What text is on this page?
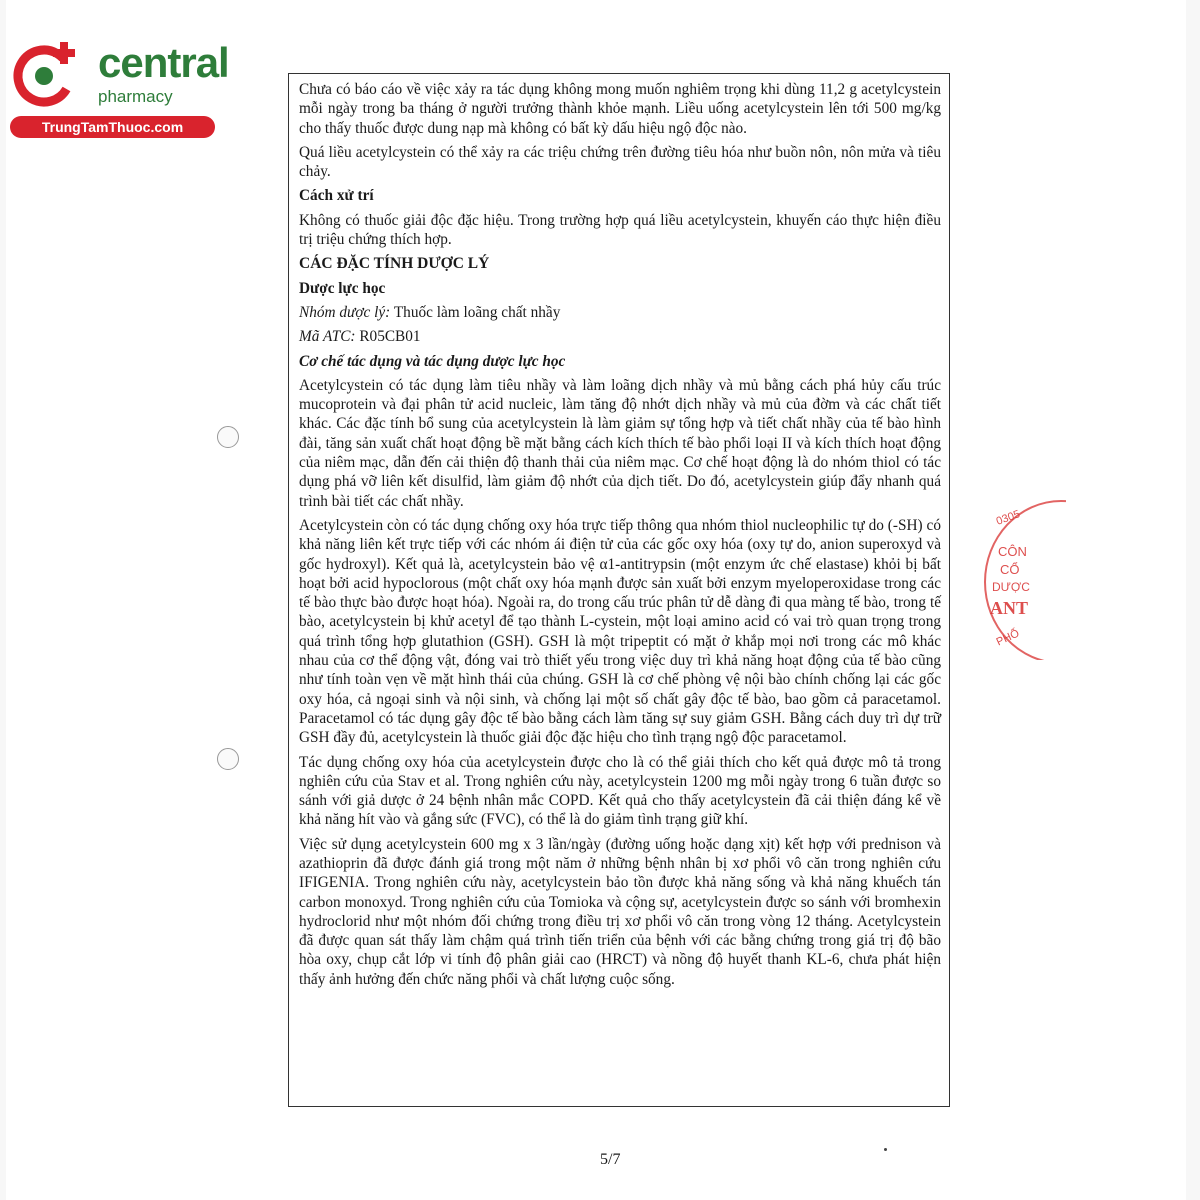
central
pharmacy
TrungTamThuoc.com

Chưa có báo cáo về việc xảy ra tác dụng không mong muốn nghiêm trọng khi dùng 11,2 g acetylcystein mỗi ngày trong ba tháng ở người trưởng thành khỏe mạnh. Liều uống acetylcystein lên tới 500 mg/kg cho thấy thuốc được dung nạp mà không có bất kỳ dấu hiệu ngộ độc nào.

Quá liều acetylcystein có thể xảy ra các triệu chứng trên đường tiêu hóa như buồn nôn, nôn mửa và tiêu chảy.

Cách xử trí

Không có thuốc giải độc đặc hiệu. Trong trường hợp quá liều acetylcystein, khuyến cáo thực hiện điều trị triệu chứng thích hợp.

CÁC ĐẶC TÍNH DƯỢC LÝ

Dược lực học

Nhóm dược lý: Thuốc làm loãng chất nhầy

Mã ATC: R05CB01

Cơ chế tác dụng và tác dụng dược lực học

Acetylcystein có tác dụng làm tiêu nhầy và làm loãng dịch nhầy và mủ bằng cách phá hủy cấu trúc mucoprotein và đại phân tử acid nucleic, làm tăng độ nhớt dịch nhầy và mủ của đờm và các chất tiết khác. Các đặc tính bổ sung của acetylcystein là làm giảm sự tổng hợp và tiết chất nhầy của tế bào hình đài, tăng sản xuất chất hoạt động bề mặt bằng cách kích thích tế bào phổi loại II và kích thích hoạt động của niêm mạc, dẫn đến cải thiện độ thanh thải của niêm mạc. Cơ chế hoạt động là do nhóm thiol có tác dụng phá vỡ liên kết disulfid, làm giảm độ nhớt của dịch tiết. Do đó, acetylcystein giúp đẩy nhanh quá trình bài tiết các chất nhầy.

Acetylcystein còn có tác dụng chống oxy hóa trực tiếp thông qua nhóm thiol nucleophilic tự do (-SH) có khả năng liên kết trực tiếp với các nhóm ái điện tử của các gốc oxy hóa (oxy tự do, anion superoxyd và gốc hydroxyl). Kết quả là, acetylcystein bảo vệ α1-antitrypsin (một enzym ức chế elastase) khỏi bị bất hoạt bởi acid hypoclorous (một chất oxy hóa mạnh được sản xuất bởi enzym myeloperoxidase trong các tế bào thực bào được hoạt hóa). Ngoài ra, do trong cấu trúc phân tử dễ dàng đi qua màng tế bào, trong tế bào, acetylcystein bị khử acetyl để tạo thành L-cystein, một loại amino acid có vai trò quan trọng trong quá trình tổng hợp glutathion (GSH). GSH là một tripeptit có mặt ở khắp mọi nơi trong các mô khác nhau của cơ thể động vật, đóng vai trò thiết yếu trong việc duy trì khả năng hoạt động của tế bào cũng như tính toàn vẹn về mặt hình thái của chúng. GSH là cơ chế phòng vệ nội bào chính chống lại các gốc oxy hóa, cả ngoại sinh và nội sinh, và chống lại một số chất gây độc tế bào, bao gồm cả paracetamol. Paracetamol có tác dụng gây độc tế bào bằng cách làm tăng sự suy giảm GSH. Bằng cách duy trì dự trữ GSH đầy đủ, acetylcystein là thuốc giải độc đặc hiệu cho tình trạng ngộ độc paracetamol.

Tác dụng chống oxy hóa của acetylcystein được cho là có thể giải thích cho kết quả được mô tả trong nghiên cứu của Stav et al. Trong nghiên cứu này, acetylcystein 1200 mg mỗi ngày trong 6 tuần được so sánh với giả dược ở 24 bệnh nhân mắc COPD. Kết quả cho thấy acetylcystein đã cải thiện đáng kể về khả năng hít vào và gắng sức (FVC), có thể là do giảm tình trạng giữ khí.

Việc sử dụng acetylcystein 600 mg x 3 lần/ngày (đường uống hoặc dạng xịt) kết hợp với prednison và azathioprin đã được đánh giá trong một năm ở những bệnh nhân bị xơ phổi vô căn trong nghiên cứu IFIGENIA. Trong nghiên cứu này, acetylcystein bảo tồn được khả năng sống và khả năng khuếch tán carbon monoxyd. Trong nghiên cứu của Tomioka và cộng sự, acetylcystein được so sánh với bromhexin hydroclorid như một nhóm đối chứng trong điều trị xơ phổi vô căn trong vòng 12 tháng. Acetylcystein đã được quan sát thấy làm chậm quá trình tiến triển của bệnh với các bằng chứng trong giá trị độ bão hòa oxy, chụp cắt lớp vi tính độ phân giải cao (HRCT) và nồng độ huyết thanh KL-6, chưa phát hiện thấy ảnh hưởng đến chức năng phổi và chất lượng cuộc sống.

5/7
0305
CÔN
CỔ
DƯỢC
ANT
PHỐ
